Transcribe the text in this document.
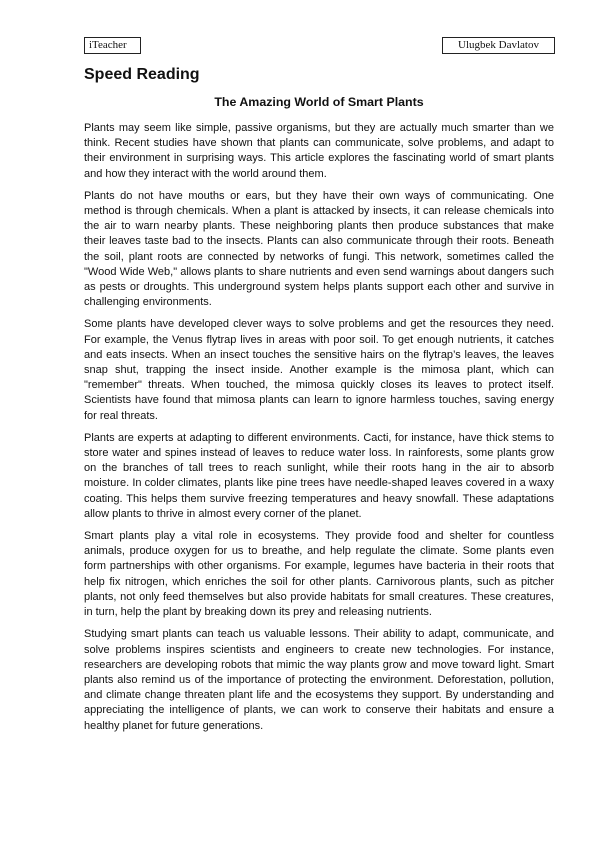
iTeacher	Ulugbek Davlatov
Speed Reading
The Amazing World of Smart Plants

Plants may seem like simple, passive organisms, but they are actually much smarter than we think. Recent studies have shown that plants can communicate, solve problems, and adapt to their environment in surprising ways. This article explores the fascinating world of smart plants and how they interact with the world around them.

Plants do not have mouths or ears, but they have their own ways of communicating. One method is through chemicals. When a plant is attacked by insects, it can release chemicals into the air to warn nearby plants. These neighboring plants then produce substances that make their leaves taste bad to the insects. Plants can also communicate through their roots. Beneath the soil, plant roots are connected by networks of fungi. This network, sometimes called the "Wood Wide Web," allows plants to share nutrients and even send warnings about dangers such as pests or droughts. This underground system helps plants support each other and survive in challenging environments.

Some plants have developed clever ways to solve problems and get the resources they need. For example, the Venus flytrap lives in areas with poor soil. To get enough nutrients, it catches and eats insects. When an insect touches the sensitive hairs on the flytrap’s leaves, the leaves snap shut, trapping the insect inside. Another example is the mimosa plant, which can "remember" threats. When touched, the mimosa quickly closes its leaves to protect itself. Scientists have found that mimosa plants can learn to ignore harmless touches, saving energy for real threats.

Plants are experts at adapting to different environments. Cacti, for instance, have thick stems to store water and spines instead of leaves to reduce water loss. In rainforests, some plants grow on the branches of tall trees to reach sunlight, while their roots hang in the air to absorb moisture. In colder climates, plants like pine trees have needle-shaped leaves covered in a waxy coating. This helps them survive freezing temperatures and heavy snowfall. These adaptations allow plants to thrive in almost every corner of the planet.

Smart plants play a vital role in ecosystems. They provide food and shelter for countless animals, produce oxygen for us to breathe, and help regulate the climate. Some plants even form partnerships with other organisms. For example, legumes have bacteria in their roots that help fix nitrogen, which enriches the soil for other plants. Carnivorous plants, such as pitcher plants, not only feed themselves but also provide habitats for small creatures. These creatures, in turn, help the plant by breaking down its prey and releasing nutrients.

Studying smart plants can teach us valuable lessons. Their ability to adapt, communicate, and solve problems inspires scientists and engineers to create new technologies. For instance, researchers are developing robots that mimic the way plants grow and move toward light. Smart plants also remind us of the importance of protecting the environment. Deforestation, pollution, and climate change threaten plant life and the ecosystems they support. By understanding and appreciating the intelligence of plants, we can work to conserve their habitats and ensure a healthy planet for future generations.
